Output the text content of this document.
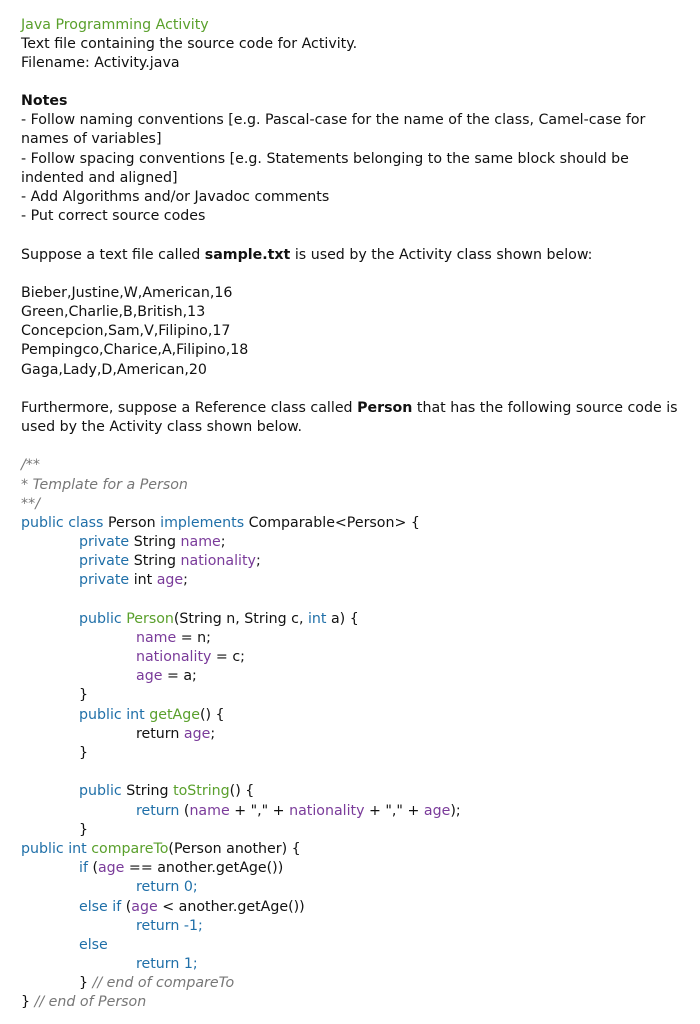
Java Programming Activity
Text file containing the source code for Activity.
Filename: Activity.java
Notes
- Follow naming conventions [e.g. Pascal-case for the name of the class, Camel-case for
names of variables]
- Follow spacing conventions [e.g. Statements belonging to the same block should be
indented and aligned]
- Add Algorithms and/or Javadoc comments
- Put correct source codes
Suppose a text file called sample.txt is used by the Activity class shown below:
Bieber,Justine,W,American,16
Green,Charlie,B,British,13
Concepcion,Sam,V,Filipino,17
Pempingco,Charice,A,Filipino,18
Gaga,Lady,D,American,20
Furthermore, suppose a Reference class called Person that has the following source code is
used by the Activity class shown below.
/**
* Template for a Person
**/
public class Person implements Comparable<Person> {
private String name;
private String nationality;
private int age;
public Person(String n, String c, int a) {
name = n;
nationality = c;
age = a;
}
public int getAge() {
return age;
}
public String toString() {
return (name + "," + nationality + "," + age);
}
public int compareTo(Person another) {
if (age == another.getAge())
return 0;
else if (age < another.getAge())
return -1;
else
return 1;
} // end of compareTo
} // end of Person
